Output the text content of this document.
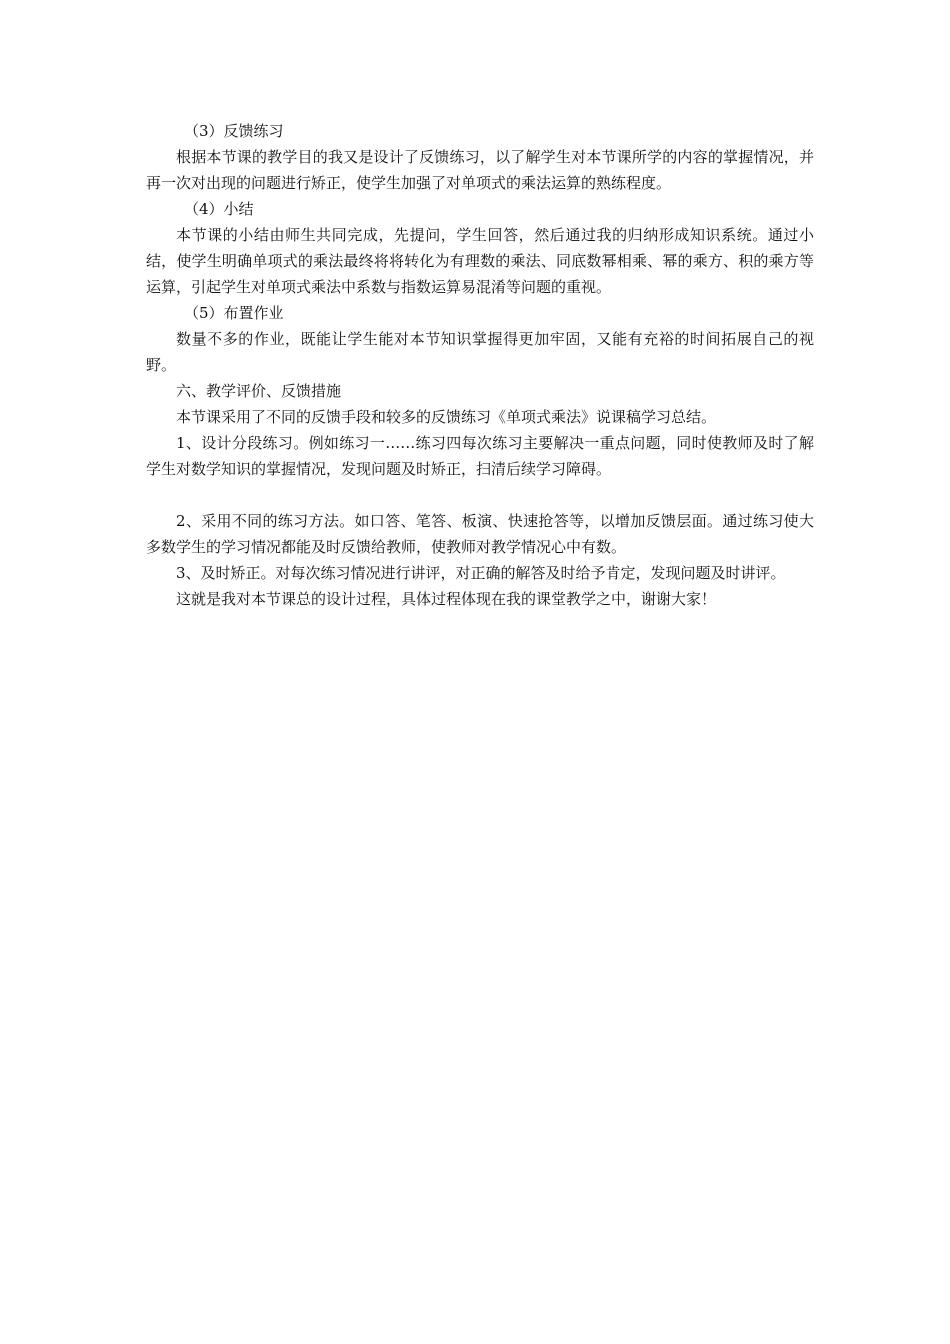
（3）反馈练习

根据本节课的教学目的我又是设计了反馈练习，以了解学生对本节课所学的内容的掌握情况，并再一次对出现的问题进行矫正，使学生加强了对单项式的乘法运算的熟练程度。

（4）小结

本节课的小结由师生共同完成，先提问，学生回答，然后通过我的归纳形成知识系统。通过小结，使学生明确单项式的乘法最终将将转化为有理数的乘法、同底数幂相乘、幂的乘方、积的乘方等运算，引起学生对单项式乘法中系数与指数运算易混淆等问题的重视。

（5）布置作业

数量不多的作业，既能让学生能对本节知识掌握得更加牢固，又能有充裕的时间拓展自己的视野。

六、教学评价、反馈措施

本节课采用了不同的反馈手段和较多的反馈练习《单项式乘法》说课稿学习总结。

1、设计分段练习。例如练习一……练习四每次练习主要解决一重点问题，同时使教师及时了解学生对数学知识的掌握情况，发现问题及时矫正，扫清后续学习障碍。

2、采用不同的练习方法。如口答、笔答、板演、快速抢答等，以增加反馈层面。通过练习使大多数学生的学习情况都能及时反馈给教师，使教师对教学情况心中有数。

3、及时矫正。对每次练习情况进行讲评，对正确的解答及时给予肯定，发现问题及时讲评。

这就是我对本节课总的设计过程，具体过程体现在我的课堂教学之中，谢谢大家！
